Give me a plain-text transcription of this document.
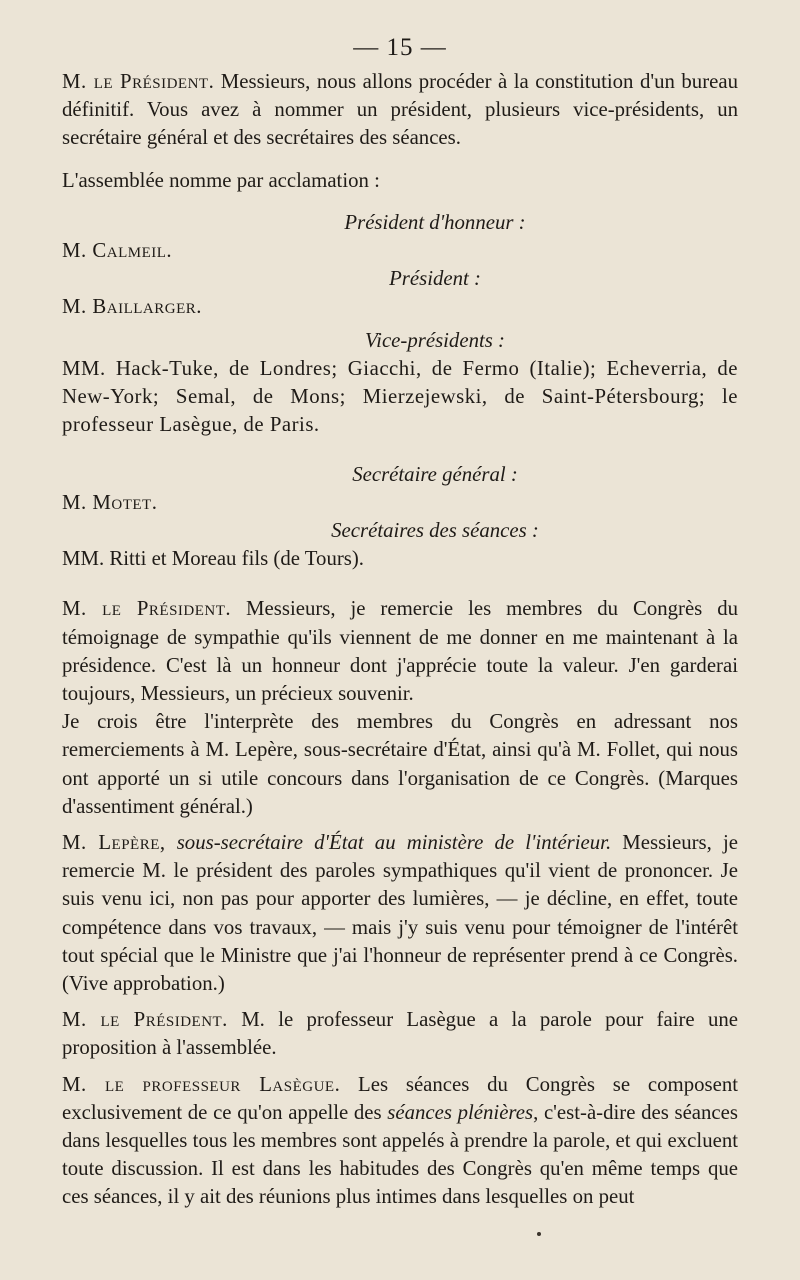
— 15 —

M. le Président. Messieurs, nous allons procéder à la constitution d'un bureau définitif. Vous avez à nommer un président, plusieurs vice-présidents, un secrétaire général et des secrétaires des séances.

L'assemblée nomme par acclamation :

Président d'honneur :

M. Calmeil.

Président :

M. Baillarger.

Vice-présidents :

MM. Hack-Tuke, de Londres; Giacchi, de Fermo (Italie); Echeverria, de New-York; Semal, de Mons; Mierzejewski, de Saint-Pétersbourg; le professeur Lasègue, de Paris.

Secrétaire général :

M. Motet.

Secrétaires des séances :

MM. Ritti et Moreau fils (de Tours).

M. le Président. Messieurs, je remercie les membres du Congrès du témoignage de sympathie qu'ils viennent de me donner en me maintenant à la présidence. C'est là un honneur dont j'apprécie toute la valeur. J'en garderai toujours, Messieurs, un précieux souvenir.

Je crois être l'interprète des membres du Congrès en adressant nos remerciements à M. Lepère, sous-secrétaire d'État, ainsi qu'à M. Follet, qui nous ont apporté un si utile concours dans l'organisation de ce Congrès. (Marques d'assentiment général.)

M. Lepère, sous-secrétaire d'État au ministère de l'intérieur. Messieurs, je remercie M. le président des paroles sympathiques qu'il vient de prononcer. Je suis venu ici, non pas pour apporter des lumières, — je décline, en effet, toute compétence dans vos travaux, — mais j'y suis venu pour témoigner de l'intérêt tout spécial que le Ministre que j'ai l'honneur de représenter prend à ce Congrès. (Vive approbation.)

M. le Président. M. le professeur Lasègue a la parole pour faire une proposition à l'assemblée.

M. le professeur Lasègue. Les séances du Congrès se composent exclusivement de ce qu'on appelle des séances plénières, c'est-à-dire des séances dans lesquelles tous les membres sont appelés à prendre la parole, et qui excluent toute discussion. Il est dans les habitudes des Congrès qu'en même temps que ces séances, il y ait des réunions plus intimes dans lesquelles on peut
